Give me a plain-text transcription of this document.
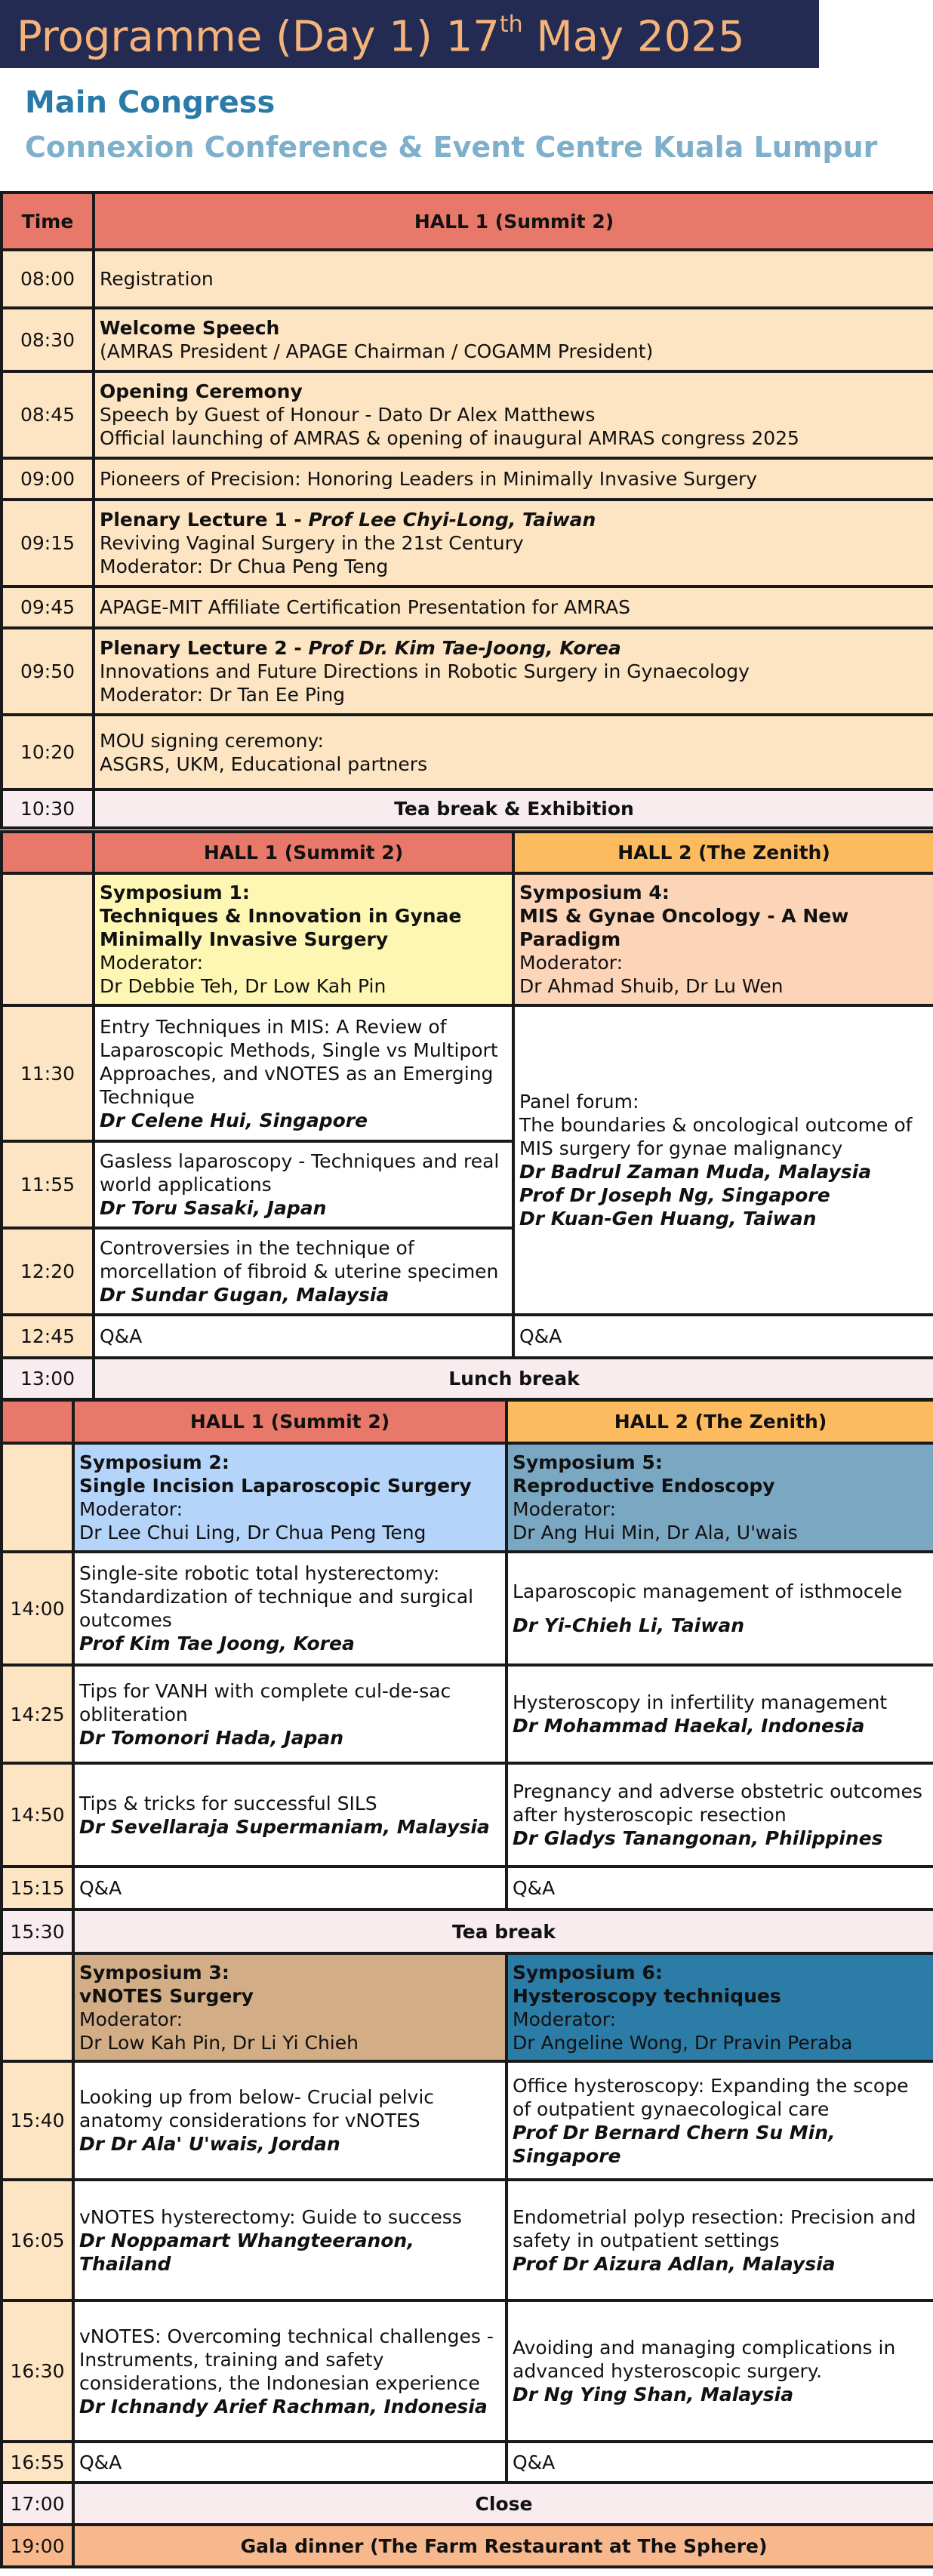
Programme (Day 1) 17th May 2025
Main Congress
Connexion Conference & Event Centre Kuala Lumpur
Time	HALL 1 (Summit 2)
08:00	Registration
08:30	Welcome Speech
(AMRAS President / APAGE Chairman / COGAMM President)

08:45	Opening Ceremony
Speech by Guest of Honour - Dato Dr Alex Matthews
Official launching of AMRAS & opening of inaugural AMRAS congress 2025

09:00	Pioneers of Precision: Honoring Leaders in Minimally Invasive Surgery
09:15	Plenary Lecture 1 - Prof Lee Chyi-Long, Taiwan
Reviving Vaginal Surgery in the 21st Century
Moderator: Dr Chua Peng Teng

09:45	APAGE-MIT Affiliate Certification Presentation for AMRAS
09:50	Plenary Lecture 2 - Prof Dr. Kim Tae-Joong, Korea
Innovations and Future Directions in Robotic Surgery in Gynaecology
Moderator: Dr Tan Ee Ping

10:20	MOU signing ceremony:
ASGRS, UKM, Educational partners

10:30	Tea break & Exhibition
	HALL 1 (Summit 2)	HALL 2 (The Zenith)

	Symposium 1:
Techniques & Innovation in Gynae Minimally Invasive Surgery
Moderator:
Dr Debbie Teh, Dr Low Kah Pin	Symposium 4:
MIS & Gynae Oncology - A New Paradigm
Moderator:
Dr Ahmad Shuib, Dr Lu Wen

11:30	Entry Techniques in MIS: A Review of Laparoscopic Methods, Single vs Multiport Approaches, and vNOTES as an Emerging Technique
Dr Celene Hui, Singapore	Panel forum:
The boundaries & oncological outcome of MIS surgery for gynae malignancy
Dr Badrul Zaman Muda, Malaysia
Prof Dr Joseph Ng, Singapore
Dr Kuan-Gen Huang, Taiwan

11:55	Gasless laparoscopy - Techniques and real world applications
Dr Toru Sasaki, Japan	

12:20	Controversies in the technique of morcellation of fibroid & uterine specimen
Dr Sundar Gugan, Malaysia	

12:45	Q&A	Q&A
13:00	Lunch break	
	HALL 1 (Summit 2)	HALL 2 (The Zenith)

	Symposium 2:
Single Incision Laparoscopic Surgery
Moderator:
Dr Lee Chui Ling, Dr Chua Peng Teng	Symposium 5:
Reproductive Endoscopy
Moderator:
Dr Ang Hui Min, Dr Ala, U'wais

14:00	Single-site robotic total hysterectomy: Standardization of technique and surgical outcomes
Prof Kim Tae Joong, Korea	Laparoscopic management of isthmocele
Dr Yi-Chieh Li, Taiwan

14:25	Tips for VANH with complete cul-de-sac obliteration
Dr Tomonori Hada, Japan	Hysteroscopy in infertility management
Dr Mohammad Haekal, Indonesia

14:50	Tips & tricks for successful SILS
Dr Sevellaraja Supermaniam, Malaysia	Pregnancy and adverse obstetric outcomes after hysteroscopic resection
Dr Gladys Tanangonan, Philippines

15:15	Q&A	Q&A
15:30	Tea break	

	Symposium 3:
vNOTES Surgery
Moderator:
Dr Low Kah Pin, Dr Li Yi Chieh	Symposium 6:
Hysteroscopy techniques
Moderator:
Dr Angeline Wong, Dr Pravin Peraba

15:40	Looking up from below- Crucial pelvic anatomy considerations for vNOTES
Dr Dr Ala' U'wais, Jordan	Office hysteroscopy: Expanding the scope of outpatient gynaecological care
Prof Dr Bernard Chern Su Min, Singapore

16:05	vNOTES hysterectomy: Guide to success
Dr Noppamart Whangteeranon, Thailand	Endometrial polyp resection: Precision and safety in outpatient settings
Prof Dr Aizura Adlan, Malaysia

16:30	vNOTES: Overcoming technical challenges - Instruments, training and safety considerations, the Indonesian experience
Dr Ichnandy Arief Rachman, Indonesia	Avoiding and managing complications in advanced hysteroscopic surgery.
Dr Ng Ying Shan, Malaysia

16:55	Q&A	Q&A
17:00	Close	
19:00	Gala dinner (The Farm Restaurant at The Sphere)	
